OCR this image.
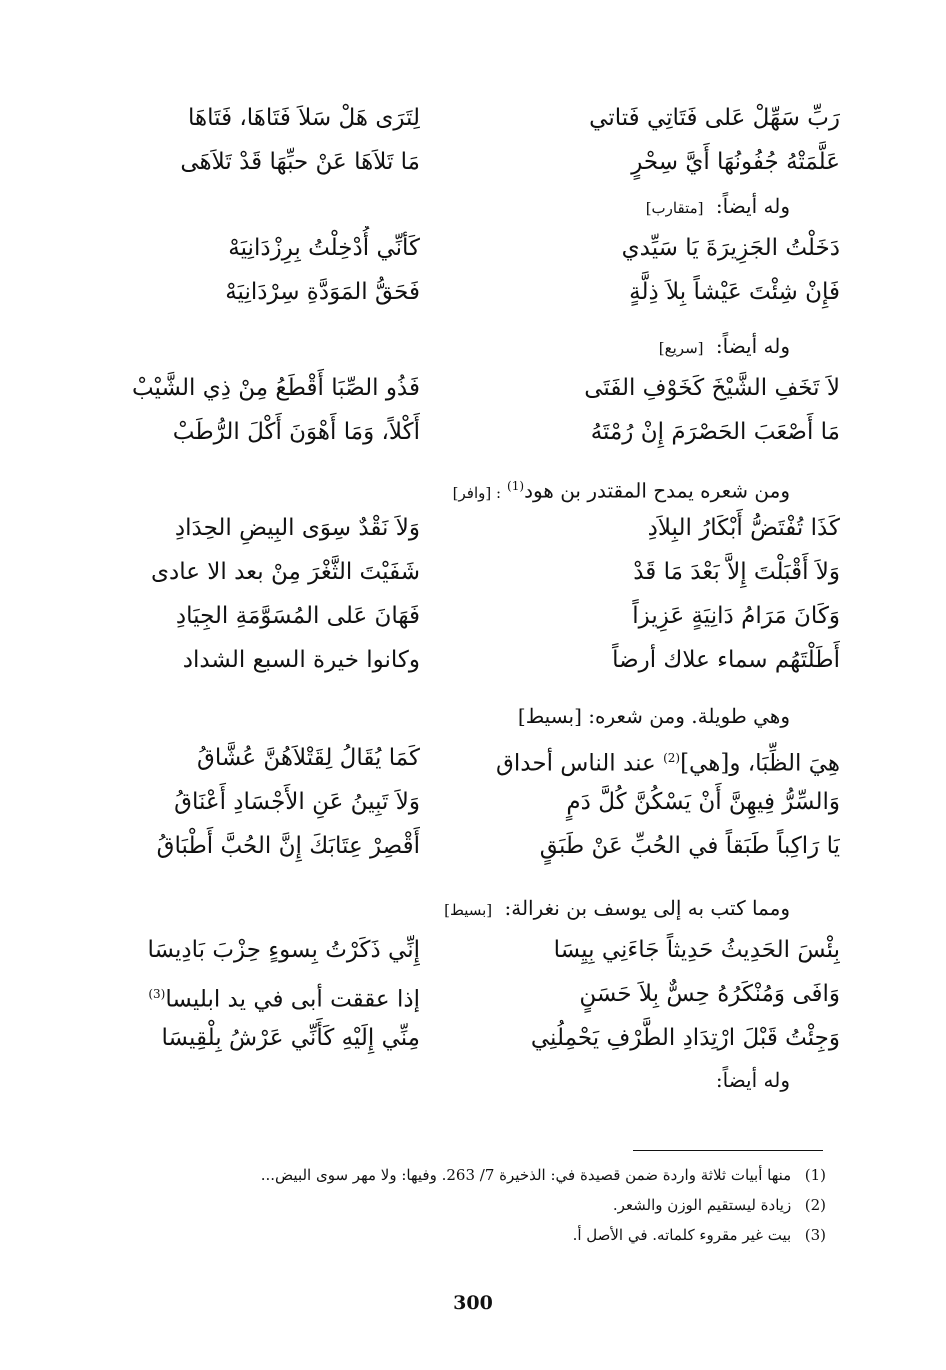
رَبِّ سَهِّلْ عَلى فَتَاتِي فَتاتي
لِتَرَى هَلْ سَلاَ فَتَاهَا، فَتَاهَا
عَلَّمَتْهُ جُفُونُهَا أَيَّ سِحْرٍ
مَا تَلاَهَا عَنْ حبِّهَا قَدْ تَلاَهَى
وله أيضاً: [متقارب]
دَخَلْتُ الجَزِيرَةَ يَا سَيِّدي
كَأنِّي أُدْخِلْتُ بِرِزْدَانِيَهْ
فَإِنْ شِئْتَ عَيْشاً بِلاَ ذِلَّةٍ
فَحَقُّ المَوَدَّةِ سِرْدَانِيَهْ
وله أيضاً: [سريع]
لاَ تَخَفِ الشَّيْخَ كَخَوْفِ الفَتَى
فَذُو الصِّبَا أَقْطَعُ مِنْ ذِي الشَّيْبْ
مَا أَصْعَبَ الحَصْرَمَ إِنْ رُمْتَهُ
أَكْلاً، وَمَا أَهْوَنَ أَكْلَ الرُّطَبْ
ومن شعره يمدح المقتدر بن هود$^{(1)}$: [وافر]
كَذَا تُفْتَضُّ أَبْكَارُ البِلاَدِ
وَلاَ نَقْدٌ سِوَى البِيضِ الحِدَادِ
وَلاَ أَقْبَلْتَ إِلاَّ بَعْدَ مَا قَدْ
شَفَيْتَ الثَّغْرَ مِنْ بعد الا عادى
وَكَانَ مَرَامُ دَانِيَةٍ عَزِيزاً
فَهَانَ عَلى المُسَوَّمَةِ الجِيَادِ
أَطَلْتَهُم سماء علاك أرضاً
وكانوا خيرة السبع الشداد
وهي طويلة. ومن شعره: [بسيط]
هِيَ الظِّبَا، و[هي]$^{(2)}$ عند الناس أحداق
كَمَا يُقَالُ لِقَتْلاَهُنَّ عُشَّاقُ
وَالسِّرُّ فِيهِنَّ أَنْ يَسْكُنَّ كُلَّ دَمٍ
وَلاَ تَبِينُ عَنِ الأَجْسَادِ أَعْنَاقُ
يَا رَاكِباً طَبَقاً في الحُبِّ عَنْ طَبَقٍ
أَقْصِرْ عِتَابَكَ إِنَّ الحُبَّ أَطْبَاقُ
ومما كتب به إلى يوسف بن نغرالة: [بسيط]
بِئْسَ الحَدِيثُ حَدِيثاً جَاءَنِي بِيِسَا
إِنِّي ذَكَرْتُ بِسوءٍ حِزْبَ بَادِيسَا
وَافَى وَمُنْكَرُهُ حِسٌّ بِلاَ حَسَنٍ
إذا عققت أبى في يد ابليسا$^{(3)}$
وَجِئْتُ قَبْلَ ارْتِدَادِ الطَّرْفِ يَحْمِلُنِي
مِنِّي إِلَيْهِ كَأَنِّي عَرْشُ بِلْقِيسَا
وله أيضاً:
(1) منها أبيات ثلاثة واردة ضمن قصيدة في: الذخيرة 7/ 263. وفيها: ولا مهر سوى البيض...
(2) زيادة ليستقيم الوزن والشعر.
(3) بيت غير مقروء كلماته. في الأصل أ.
300
